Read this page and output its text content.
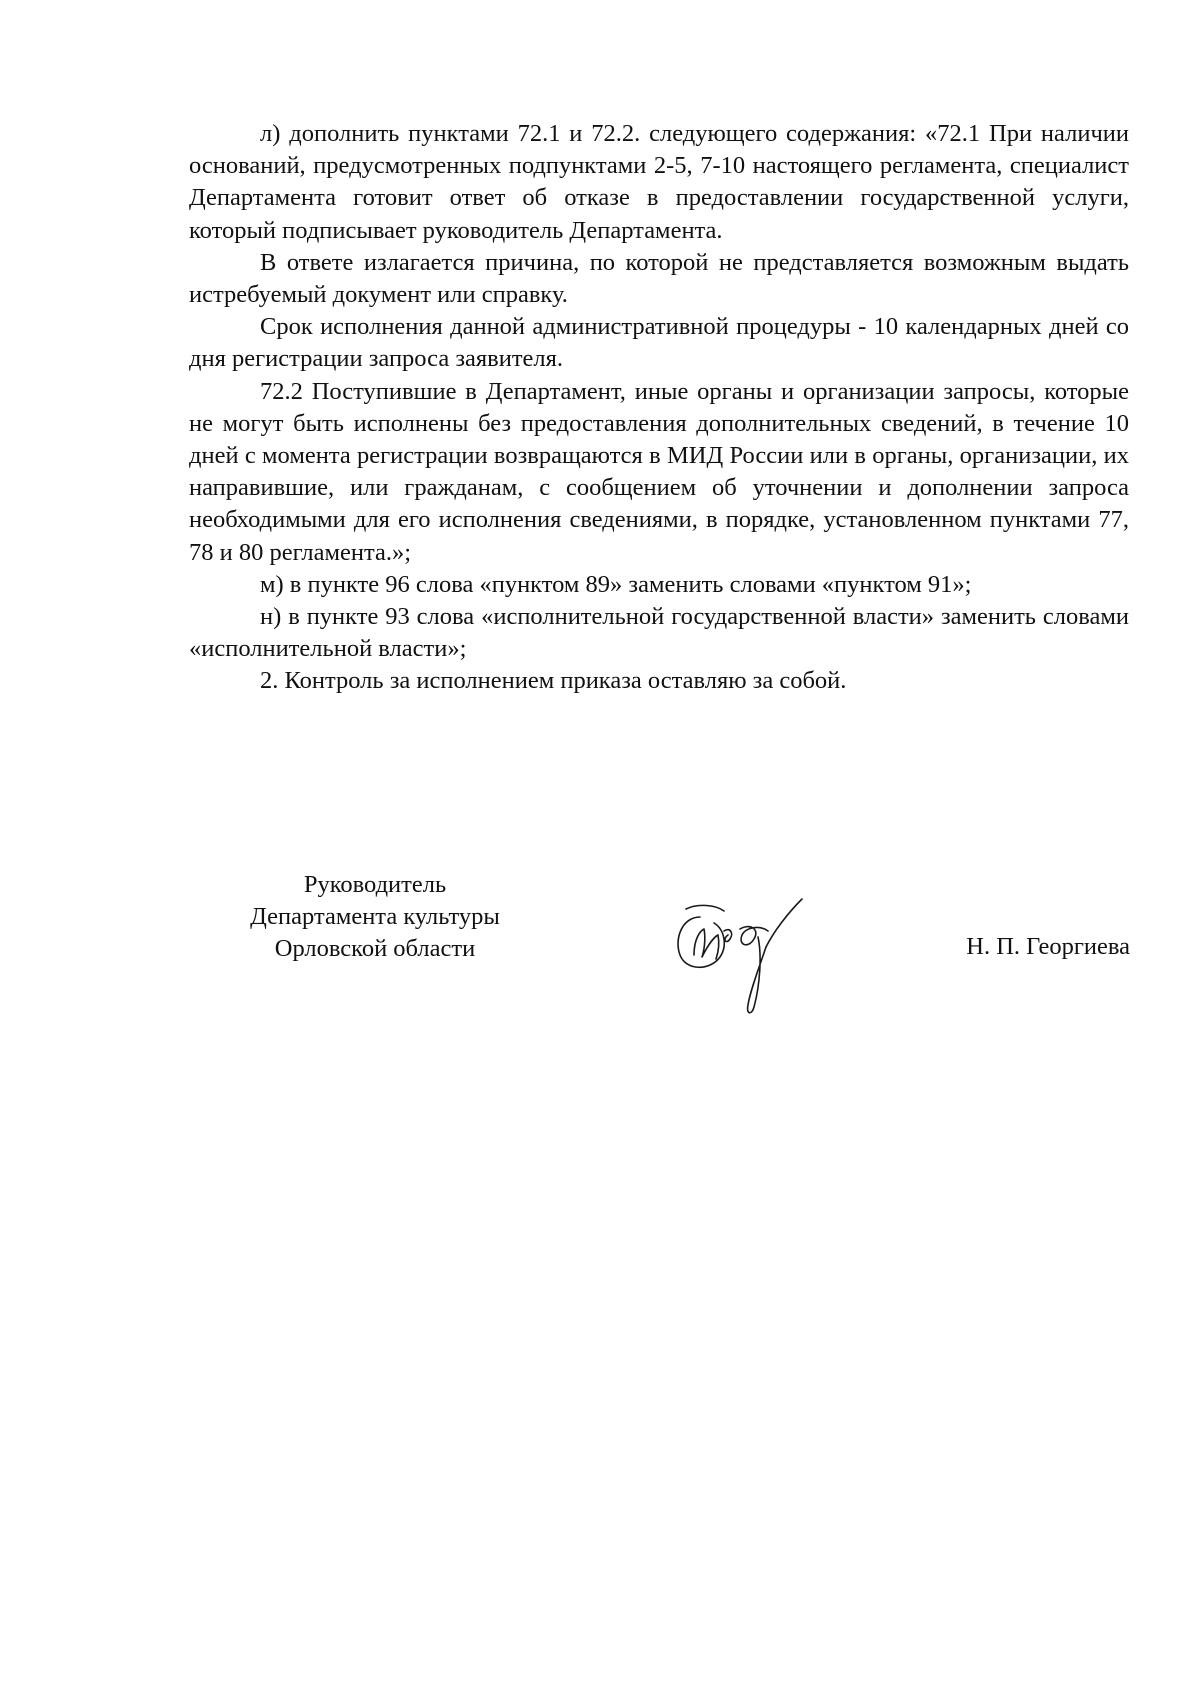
л) дополнить пунктами 72.1 и 72.2. следующего содержания: «72.1 При наличии оснований, предусмотренных подпунктами 2-5, 7-10 настоящего регламента, специалист Департамента готовит ответ об отказе в предоставлении государственной услуги, который подписывает руководитель Департамента.

В ответе излагается причина, по которой не представляется возможным выдать истребуемый документ или справку.

Срок исполнения данной административной процедуры - 10 календарных дней со дня регистрации запроса заявителя.

72.2 Поступившие в Департамент, иные органы и организации запросы, которые не могут быть исполнены без предоставления дополнительных сведений, в течение 10 дней с момента регистрации возвращаются в МИД России или в органы, организации, их направившие, или гражданам, с сообщением об уточнении и дополнении запроса необходимыми для его исполнения сведениями, в порядке, установленном пунктами 77, 78 и 80 регламента.»;

м) в пункте 96 слова «пунктом 89» заменить словами «пунктом 91»;

н) в пункте 93 слова «исполнительной государственной власти» заменить словами «исполнительной власти»;

2. Контроль за исполнением приказа оставляю за собой.

Руководитель
Департамента культуры
Орловской области	Н. П. Георгиева
